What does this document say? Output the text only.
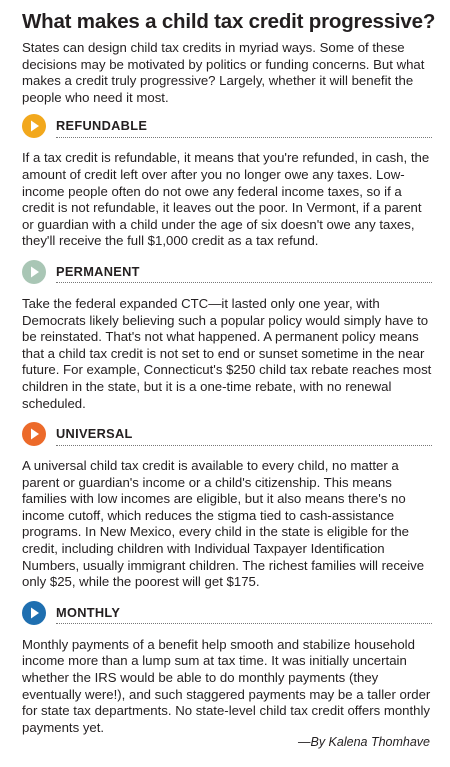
What makes a child tax credit progressive?

States can design child tax credits in myriad ways. Some of these decisions may be motivated by politics or funding concerns. But what makes a credit truly progressive? Largely, whether it will benefit the people who need it most.

REFUNDABLE

If a tax credit is refundable, it means that you're refunded, in cash, the amount of credit left over after you no longer owe any taxes. Low-income people often do not owe any federal income taxes, so if a credit is not refundable, it leaves out the poor. In Vermont, if a parent or guardian with a child under the age of six doesn't owe any taxes, they'll receive the full $1,000 credit as a tax refund.

PERMANENT

Take the federal expanded CTC—it lasted only one year, with Democrats likely believing such a popular policy would simply have to be reinstated. That's not what happened. A permanent policy means that a child tax credit is not set to end or sunset sometime in the near future. For example, Connecticut's $250 child tax rebate reaches most children in the state, but it is a one-time rebate, with no renewal scheduled.

UNIVERSAL

A universal child tax credit is available to every child, no matter a parent or guardian's income or a child's citizenship. This means families with low incomes are eligible, but it also means there's no income cutoff, which reduces the stigma tied to cash-assistance programs. In New Mexico, every child in the state is eligible for the credit, including children with Individual Taxpayer Identification Numbers, usually immigrant children. The richest families will receive only $25, while the poorest will get $175.

MONTHLY

Monthly payments of a benefit help smooth and stabilize household income more than a lump sum at tax time. It was initially uncertain whether the IRS would be able to do monthly payments (they eventually were!), and such staggered payments may be a taller order for state tax departments. No state-level child tax credit offers monthly payments yet.

—By Kalena Thomhave
